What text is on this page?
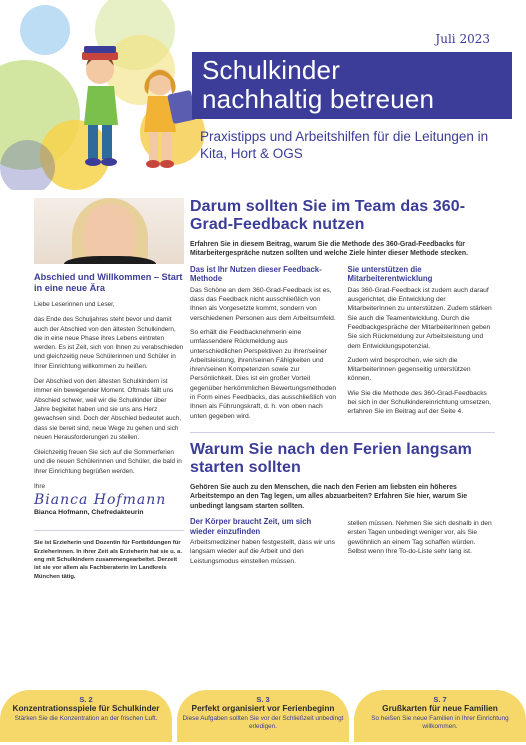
Juli 2023
Schulkinder
nachhaltig betreuen
Praxistipps und Arbeitshilfen für die Leitungen in Kita, Hort & OGS
Abschied und Willkommen – Start in eine neue Ära

Liebe Leserinnen und Leser,

das Ende des Schuljahres steht bevor und damit auch der Abschied von den ältesten Schulkindern, die in eine neue Phase ihres Lebens eintreten werden. Es ist Zeit, sich von Ihnen zu verabschieden und gleichzeitig neue Schülerinnen und Schüler in Ihrer Einrichtung willkommen zu heißen.

Der Abschied von den ältesten Schulkindern ist immer ein bewegender Moment. Oftmals fällt uns Abschied schwer, weil wir die Schulkinder über Jahre begleitet haben und sie uns ans Herz gewachsen sind. Doch der Abschied bedeutet auch, dass sie bereit sind, neue Wege zu gehen und sich neuen Herausforderungen zu stellen.

Gleichzeitig freuen Sie sich auf die Sommerferien und die neuen Schülerinnen und Schüler, die bald in Ihrer Einrichtung begrüßen werden.

Ihre

Bianca Hofmann
Bianca Hofmann, Chefredakteurin
Sie ist Erzieherin und Dozentin für Fortbildungen für Erzieherinnen. In ihrer Zeit als Erzieherin hat sie u. a. eng mit Schulkindern zusammengearbeitet. Derzeit ist sie vor allem als Fachberaterin im Landkreis München tätig.
Darum sollten Sie im Team das 360-Grad-Feedback nutzen
Erfahren Sie in diesem Beitrag, warum Sie die Methode des 360-Grad-Feedbacks für Mitarbeitergespräche nutzen sollten und welche Ziele hinter dieser Methode stecken.
Das ist Ihr Nutzen dieser Feedback-Methode

Das Schöne an dem 360-Grad-Feedback ist es, dass das Feedback nicht ausschließlich von Ihnen als Vorgesetzte kommt, sondern von verschiedenen Personen aus dem Arbeitsumfeld.

So erhält die Feedbacknehmerin eine umfassendere Rückmeldung aus unterschiedlichen Perspektiven zu ihrer/seiner Arbeitsleistung, ihren/seinen Fähigkeiten und ihren/seinen Kompetenzen sowie zur Persönlichkeit. Dies ist ein großer Vorteil gegenüber herkömmlichen Bewertungsmethoden in Form eines Feedbacks, das ausschließlich von Ihnen als Führungskraft, d. h. von oben nach unten gegeben wird.

Sie unterstützen die Mitarbeiterentwicklung

Das 360-Grad-Feedback ist zudem auch darauf ausgerichtet, die Entwicklung der MitarbeiterInnen zu unterstützen. Zudem stärken Sie auch die Teamentwicklung. Durch die Feedbackgespräche der MitarbeiterInnen geben Sie sich Rückmeldung zur Arbeitsleistung und dem Entwicklungspotenzial.

Zudem wird besprochen, wie sich die MitarbeiterInnen gegenseitig unterstützen können.

Wie Sie die Methode des 360-Grad-Feedbacks bei sich in der Schulkindereinrichtung umsetzen, erfahren Sie im Beitrag auf der Seite 4.

Warum Sie nach den Ferien langsam starten sollten
Gehören Sie auch zu den Menschen, die nach den Ferien am liebsten ein höheres Arbeitstempo an den Tag legen, um alles abzuarbeiten? Erfahren Sie hier, warum Sie unbedingt langsam starten sollten.
Der Körper braucht Zeit, um sich wieder einzufinden

Arbeitsmediziner haben festgestellt, dass wir uns langsam wieder auf die Arbeit und den Leistungsmodus einstellen müssen.

stellen müssen. Nehmen Sie sich deshalb in den ersten Tagen unbedingt weniger vor, als Sie gewöhnlich an einem Tag schaffen würden. Selbst wenn Ihre To-do-Liste sehr lang ist.

S. 2
Konzentrationsspiele für Schulkinder
Stärken Sie die Konzentration an der frischen Luft.
S. 3
Perfekt organisiert vor Ferienbeginn
Diese Aufgaben sollten Sie vor der Schließzeit unbedingt erledigen.
S. 7
Grußkarten für neue Familien
So heißen Sie neue Familien in Ihrer Einrichtung willkommen.
